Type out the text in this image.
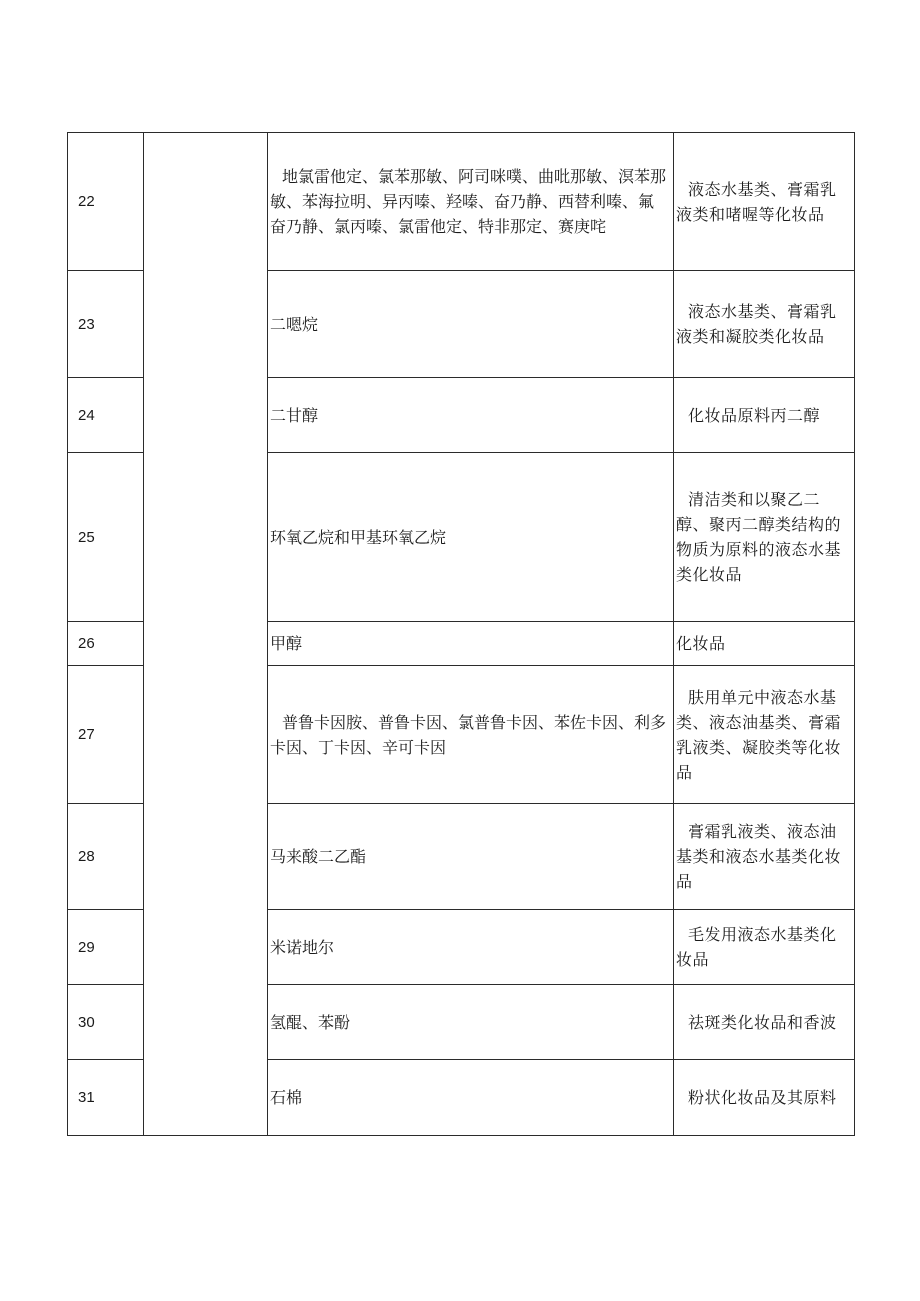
22		地氯雷他定、氯苯那敏、阿司咪噗、曲吡那敏、溟苯那敏、苯海拉明、异丙嗪、羟嗪、奋乃静、西替利嗪、氟奋乃静、氯丙嗪、氯雷他定、特非那定、赛庚咤	液态水基类、膏霜乳液类和啫喔等化妆品
23		二嗯烷	液态水基类、膏霜乳液类和凝胶类化妆品
24		二甘醇	化妆品原料丙二醇
25		环氧乙烷和甲基环氧乙烷	清洁类和以聚乙二醇、聚丙二醇类结构的物质为原料的液态水基类化妆品
26		甲醇	化妆品
27		普鲁卡因胺、普鲁卡因、氯普鲁卡因、苯佐卡因、利多卡因、丁卡因、辛可卡因	肤用单元中液态水基类、液态油基类、膏霜乳液类、凝胶类等化妆品
28		马来酸二乙酯	膏霜乳液类、液态油基类和液态水基类化妆品
29		米诺地尔	毛发用液态水基类化妆品
30		氢醌、苯酚	祛斑类化妆品和香波
31		石棉	粉状化妆品及其原料
